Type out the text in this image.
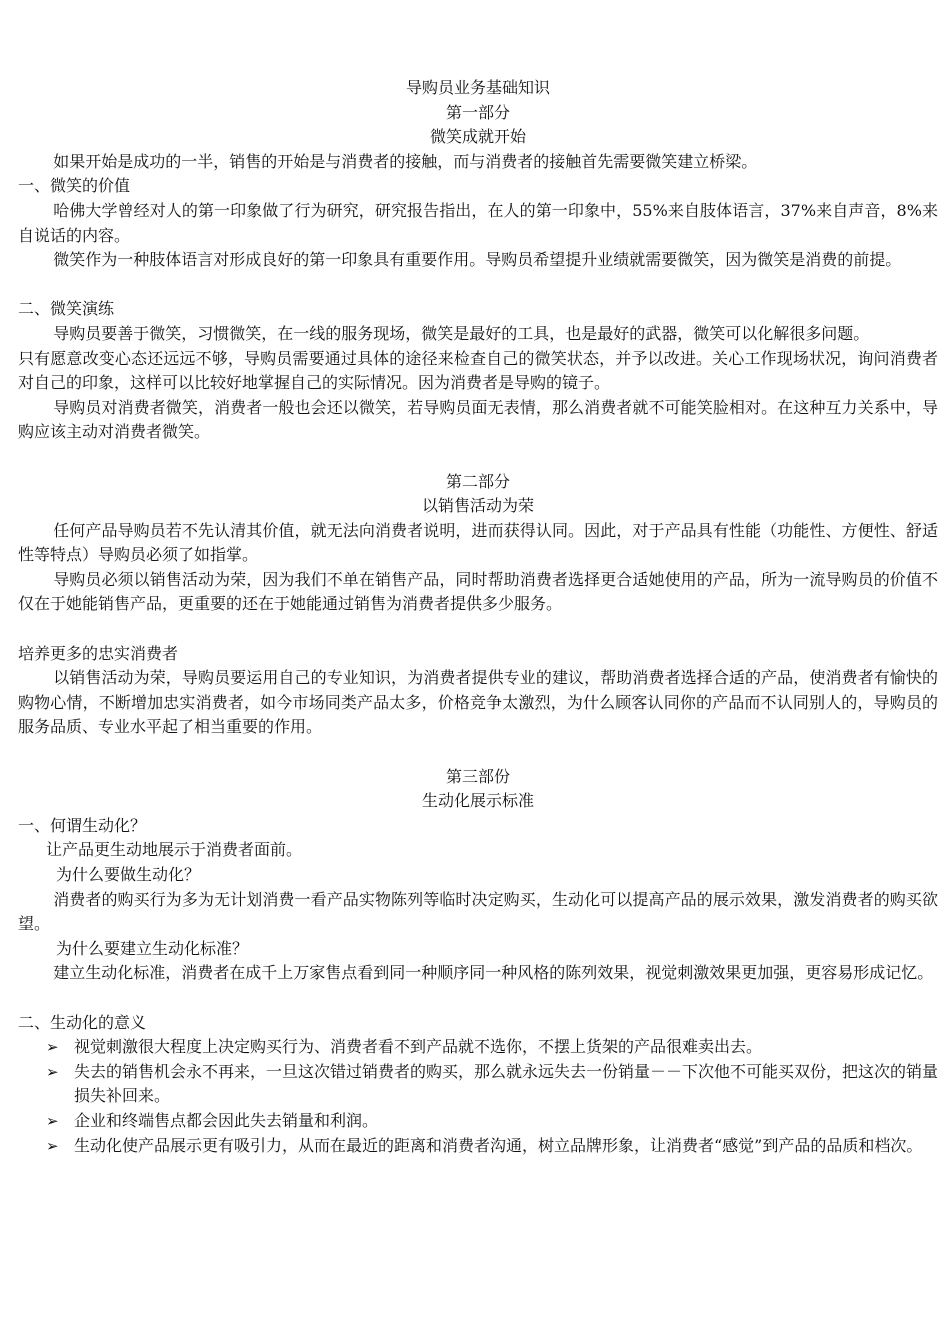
导购员业务基础知识
第一部分
微笑成就开始
如果开始是成功的一半，销售的开始是与消费者的接触，而与消费者的接触首先需要微笑建立桥梁。
一、微笑的价值
哈佛大学曾经对人的第一印象做了行为研究，研究报告指出，在人的第一印象中，55%来自肢体语言，37%来自声音，8%来自说话的内容。
微笑作为一种肢体语言对形成良好的第一印象具有重要作用。导购员希望提升业绩就需要微笑，因为微笑是消费的前提。
二、微笑演练
导购员要善于微笑，习惯微笑，在一线的服务现场，微笑是最好的工具，也是最好的武器，微笑可以化解很多问题。
只有愿意改变心态还远远不够，导购员需要通过具体的途径来检查自己的微笑状态，并予以改进。关心工作现场状况，询问消费者对自己的印象，这样可以比较好地掌握自己的实际情况。因为消费者是导购的镜子。
导购员对消费者微笑，消费者一般也会还以微笑，若导购员面无表情，那么消费者就不可能笑脸相对。在这种互力关系中，导购应该主动对消费者微笑。
第二部分
以销售活动为荣
任何产品导购员若不先认清其价值，就无法向消费者说明，进而获得认同。因此，对于产品具有性能（功能性、方便性、舒适性等特点）导购员必须了如指掌。
导购员必须以销售活动为荣，因为我们不单在销售产品，同时帮助消费者选择更合适她使用的产品，所为一流导购员的价值不仅在于她能销售产品，更重要的还在于她能通过销售为消费者提供多少服务。
培养更多的忠实消费者
以销售活动为荣，导购员要运用自己的专业知识，为消费者提供专业的建议，帮助消费者选择合适的产品，使消费者有愉快的购物心情，不断增加忠实消费者，如今市场同类产品太多，价格竞争太激烈，为什么顾客认同你的产品而不认同别人的，导购员的服务品质、专业水平起了相当重要的作用。
第三部份
生动化展示标准
一、何谓生动化？
让产品更生动地展示于消费者面前。
为什么要做生动化？
消费者的购买行为多为无计划消费一看产品实物陈列等临时决定购买，生动化可以提高产品的展示效果，激发消费者的购买欲望。
为什么要建立生动化标准？
建立生动化标准，消费者在成千上万家售点看到同一种顺序同一种风格的陈列效果，视觉刺激效果更加强，更容易形成记忆。
二、生动化的意义
➢ 视觉刺激很大程度上决定购买行为、消费者看不到产品就不选你，不摆上货架的产品很难卖出去。
➢ 失去的销售机会永不再来，一旦这次错过销费者的购买，那么就永远失去一份销量－－下次他不可能买双份，把这次的销量损失补回来。
➢ 企业和终端售点都会因此失去销量和利润。
➢ 生动化使产品展示更有吸引力，从而在最近的距离和消费者沟通，树立品牌形象，让消费者“感觉”到产品的品质和档次。
